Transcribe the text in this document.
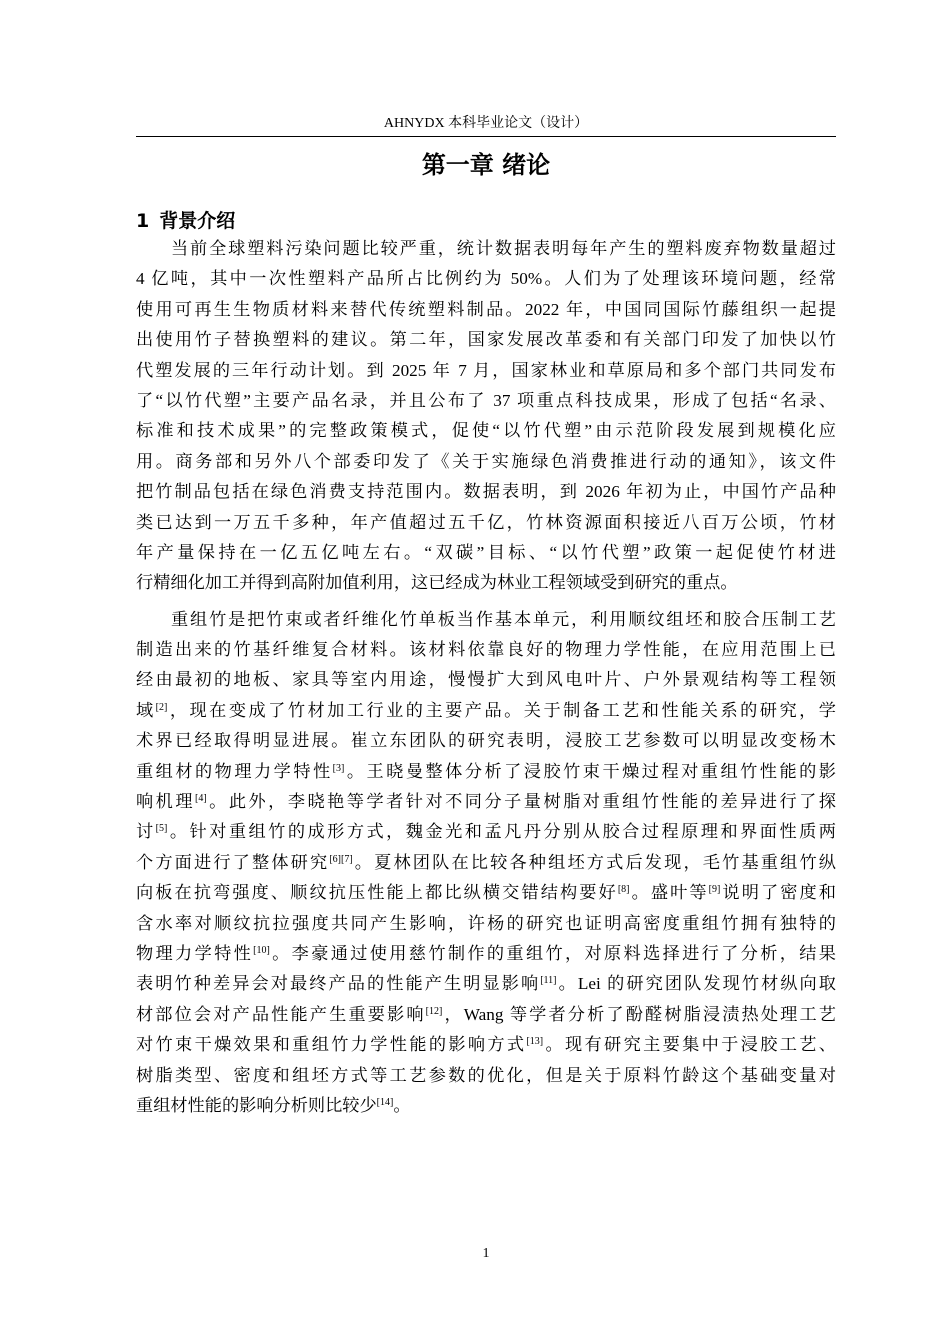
AHNYDX 本科毕业论文（设计）
第一章 绪论
1 背景介绍
当前全球塑料污染问题比较严重，统计数据表明每年产生的塑料废弃物数量超过
4 亿吨，其中一次性塑料产品所占比例约为 50%。人们为了处理该环境问题，经常
使用可再生生物质材料来替代传统塑料制品。2022 年，中国同国际竹藤组织一起提
出使用竹子替换塑料的建议。第二年，国家发展改革委和有关部门印发了加快以竹
代塑发展的三年行动计划。到 2025 年 7 月，国家林业和草原局和多个部门共同发布
了“以竹代塑”主要产品名录，并且公布了 37 项重点科技成果，形成了包括“名录、
标准和技术成果”的完整政策模式，促使“以竹代塑”由示范阶段发展到规模化应
用。商务部和另外八个部委印发了《关于实施绿色消费推进行动的通知》，该文件
把竹制品包括在绿色消费支持范围内。数据表明，到 2026 年初为止，中国竹产品种
类已达到一万五千多种，年产值超过五千亿，竹林资源面积接近八百万公顷，竹材
年产量保持在一亿五亿吨左右。“双碳”目标、“以竹代塑”政策一起促使竹材进
行精细化加工并得到高附加值利用，这已经成为林业工程领域受到研究的重点。
重组竹是把竹束或者纤维化竹单板当作基本单元，利用顺纹组坯和胶合压制工艺
制造出来的竹基纤维复合材料。该材料依靠良好的物理力学性能，在应用范围上已
经由最初的地板、家具等室内用途，慢慢扩大到风电叶片、户外景观结构等工程领
域[2]，现在变成了竹材加工行业的主要产品。关于制备工艺和性能关系的研究，学
术界已经取得明显进展。崔立东团队的研究表明，浸胶工艺参数可以明显改变杨木
重组材的物理力学特性[3]。王晓曼整体分析了浸胶竹束干燥过程对重组竹性能的影
响机理[4]。此外，李晓艳等学者针对不同分子量树脂对重组竹性能的差异进行了探
讨[5]。针对重组竹的成形方式，魏金光和孟凡丹分别从胶合过程原理和界面性质两
个方面进行了整体研究[6][7]。夏林团队在比较各种组坯方式后发现，毛竹基重组竹纵
向板在抗弯强度、顺纹抗压性能上都比纵横交错结构要好[8]。盛叶等[9]说明了密度和
含水率对顺纹抗拉强度共同产生影响，许杨的研究也证明高密度重组竹拥有独特的
物理力学特性[10]。李豪通过使用慈竹制作的重组竹，对原料选择进行了分析，结果
表明竹种差异会对最终产品的性能产生明显影响[11]。Lei 的研究团队发现竹材纵向取
材部位会对产品性能产生重要影响[12]，Wang 等学者分析了酚醛树脂浸渍热处理工艺
对竹束干燥效果和重组竹力学性能的影响方式[13]。现有研究主要集中于浸胶工艺、
树脂类型、密度和组坯方式等工艺参数的优化，但是关于原料竹龄这个基础变量对
重组材性能的影响分析则比较少[14]。
1
